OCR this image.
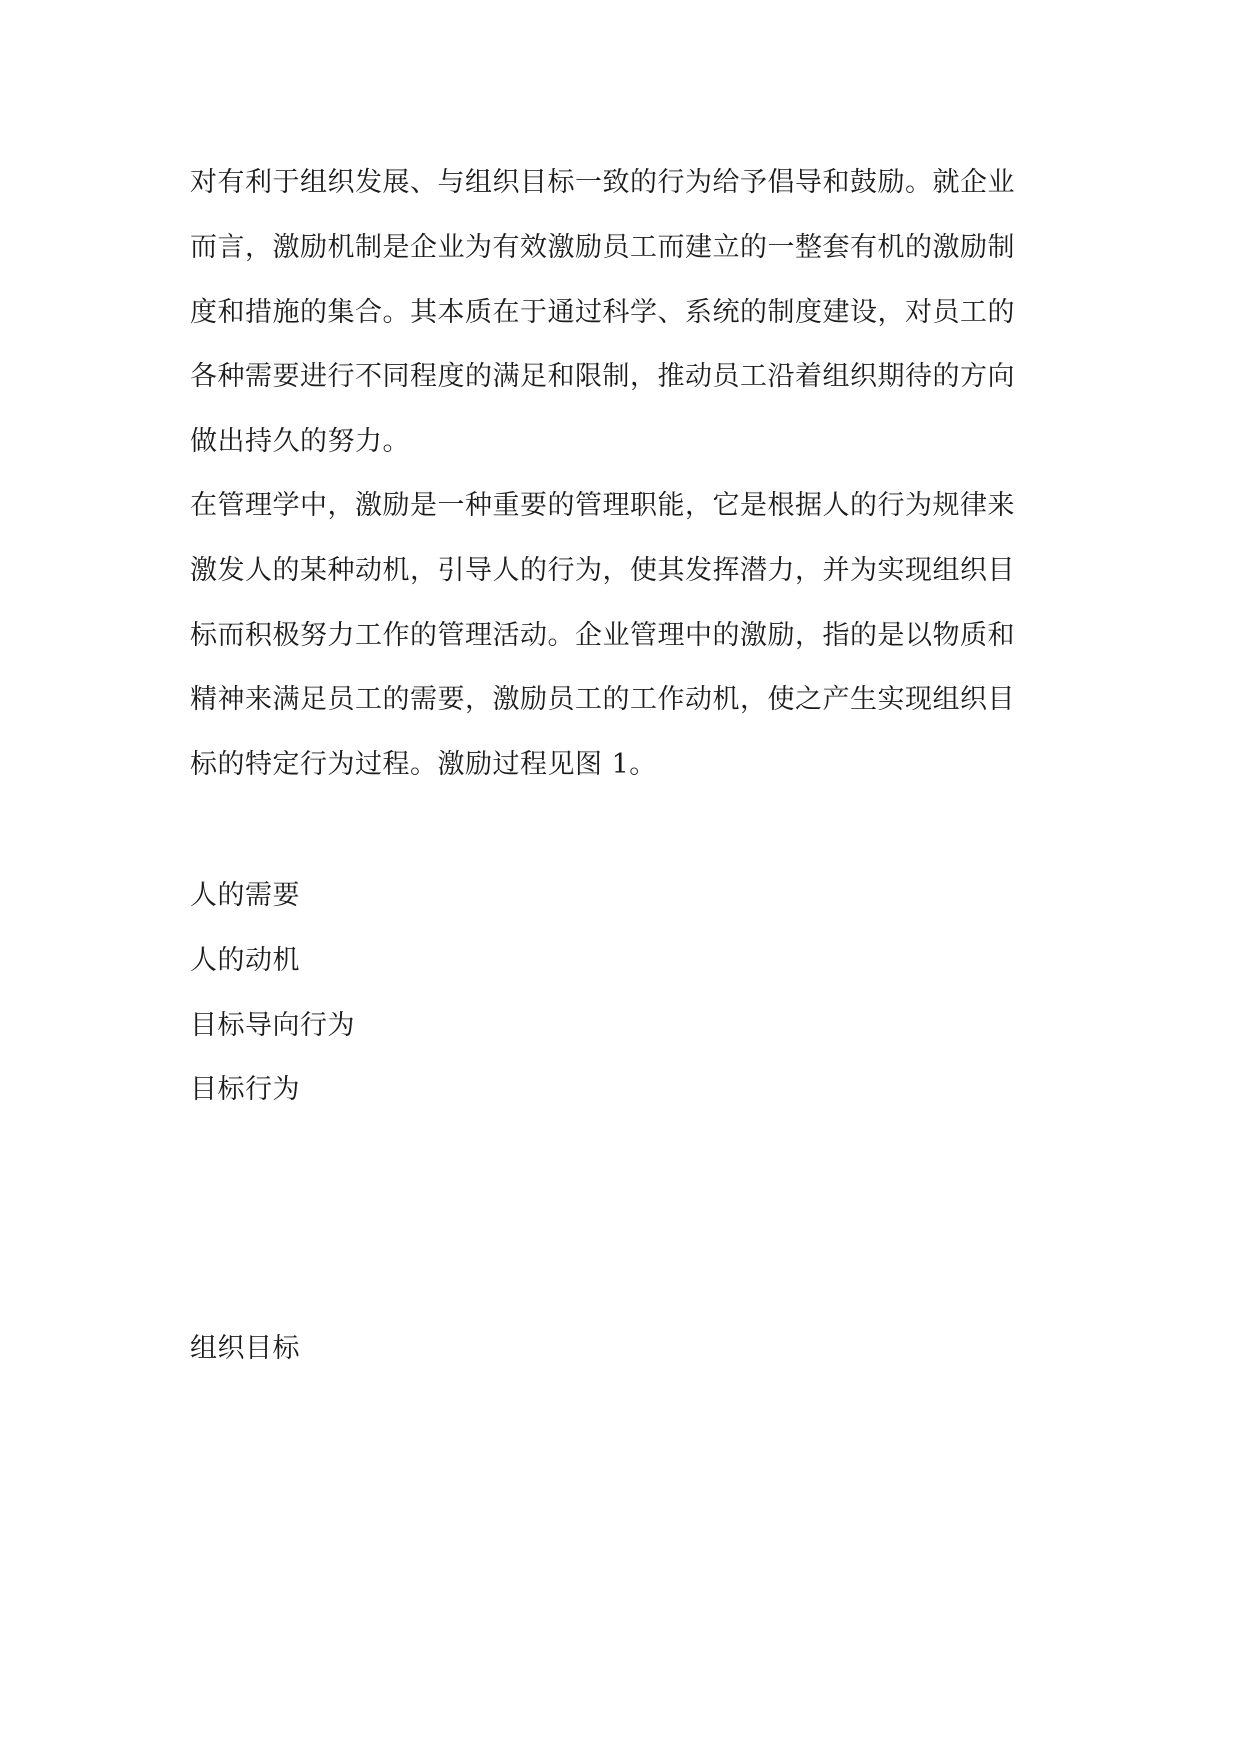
对有利于组织发展、与组织目标一致的行为给予倡导和鼓励。就企业
而言，激励机制是企业为有效激励员工而建立的一整套有机的激励制
度和措施的集合。其本质在于通过科学、系统的制度建设，对员工的
各种需要进行不同程度的满足和限制，推动员工沿着组织期待的方向
做出持久的努力。
在管理学中，激励是一种重要的管理职能，它是根据人的行为规律来
激发人的某种动机，引导人的行为，使其发挥潜力，并为实现组织目
标而积极努力工作的管理活动。企业管理中的激励，指的是以物质和
精神来满足员工的需要，激励员工的工作动机，使之产生实现组织目
标的特定行为过程。激励过程见图 1。
人的需要
人的动机
目标导向行为
目标行为
组织目标
